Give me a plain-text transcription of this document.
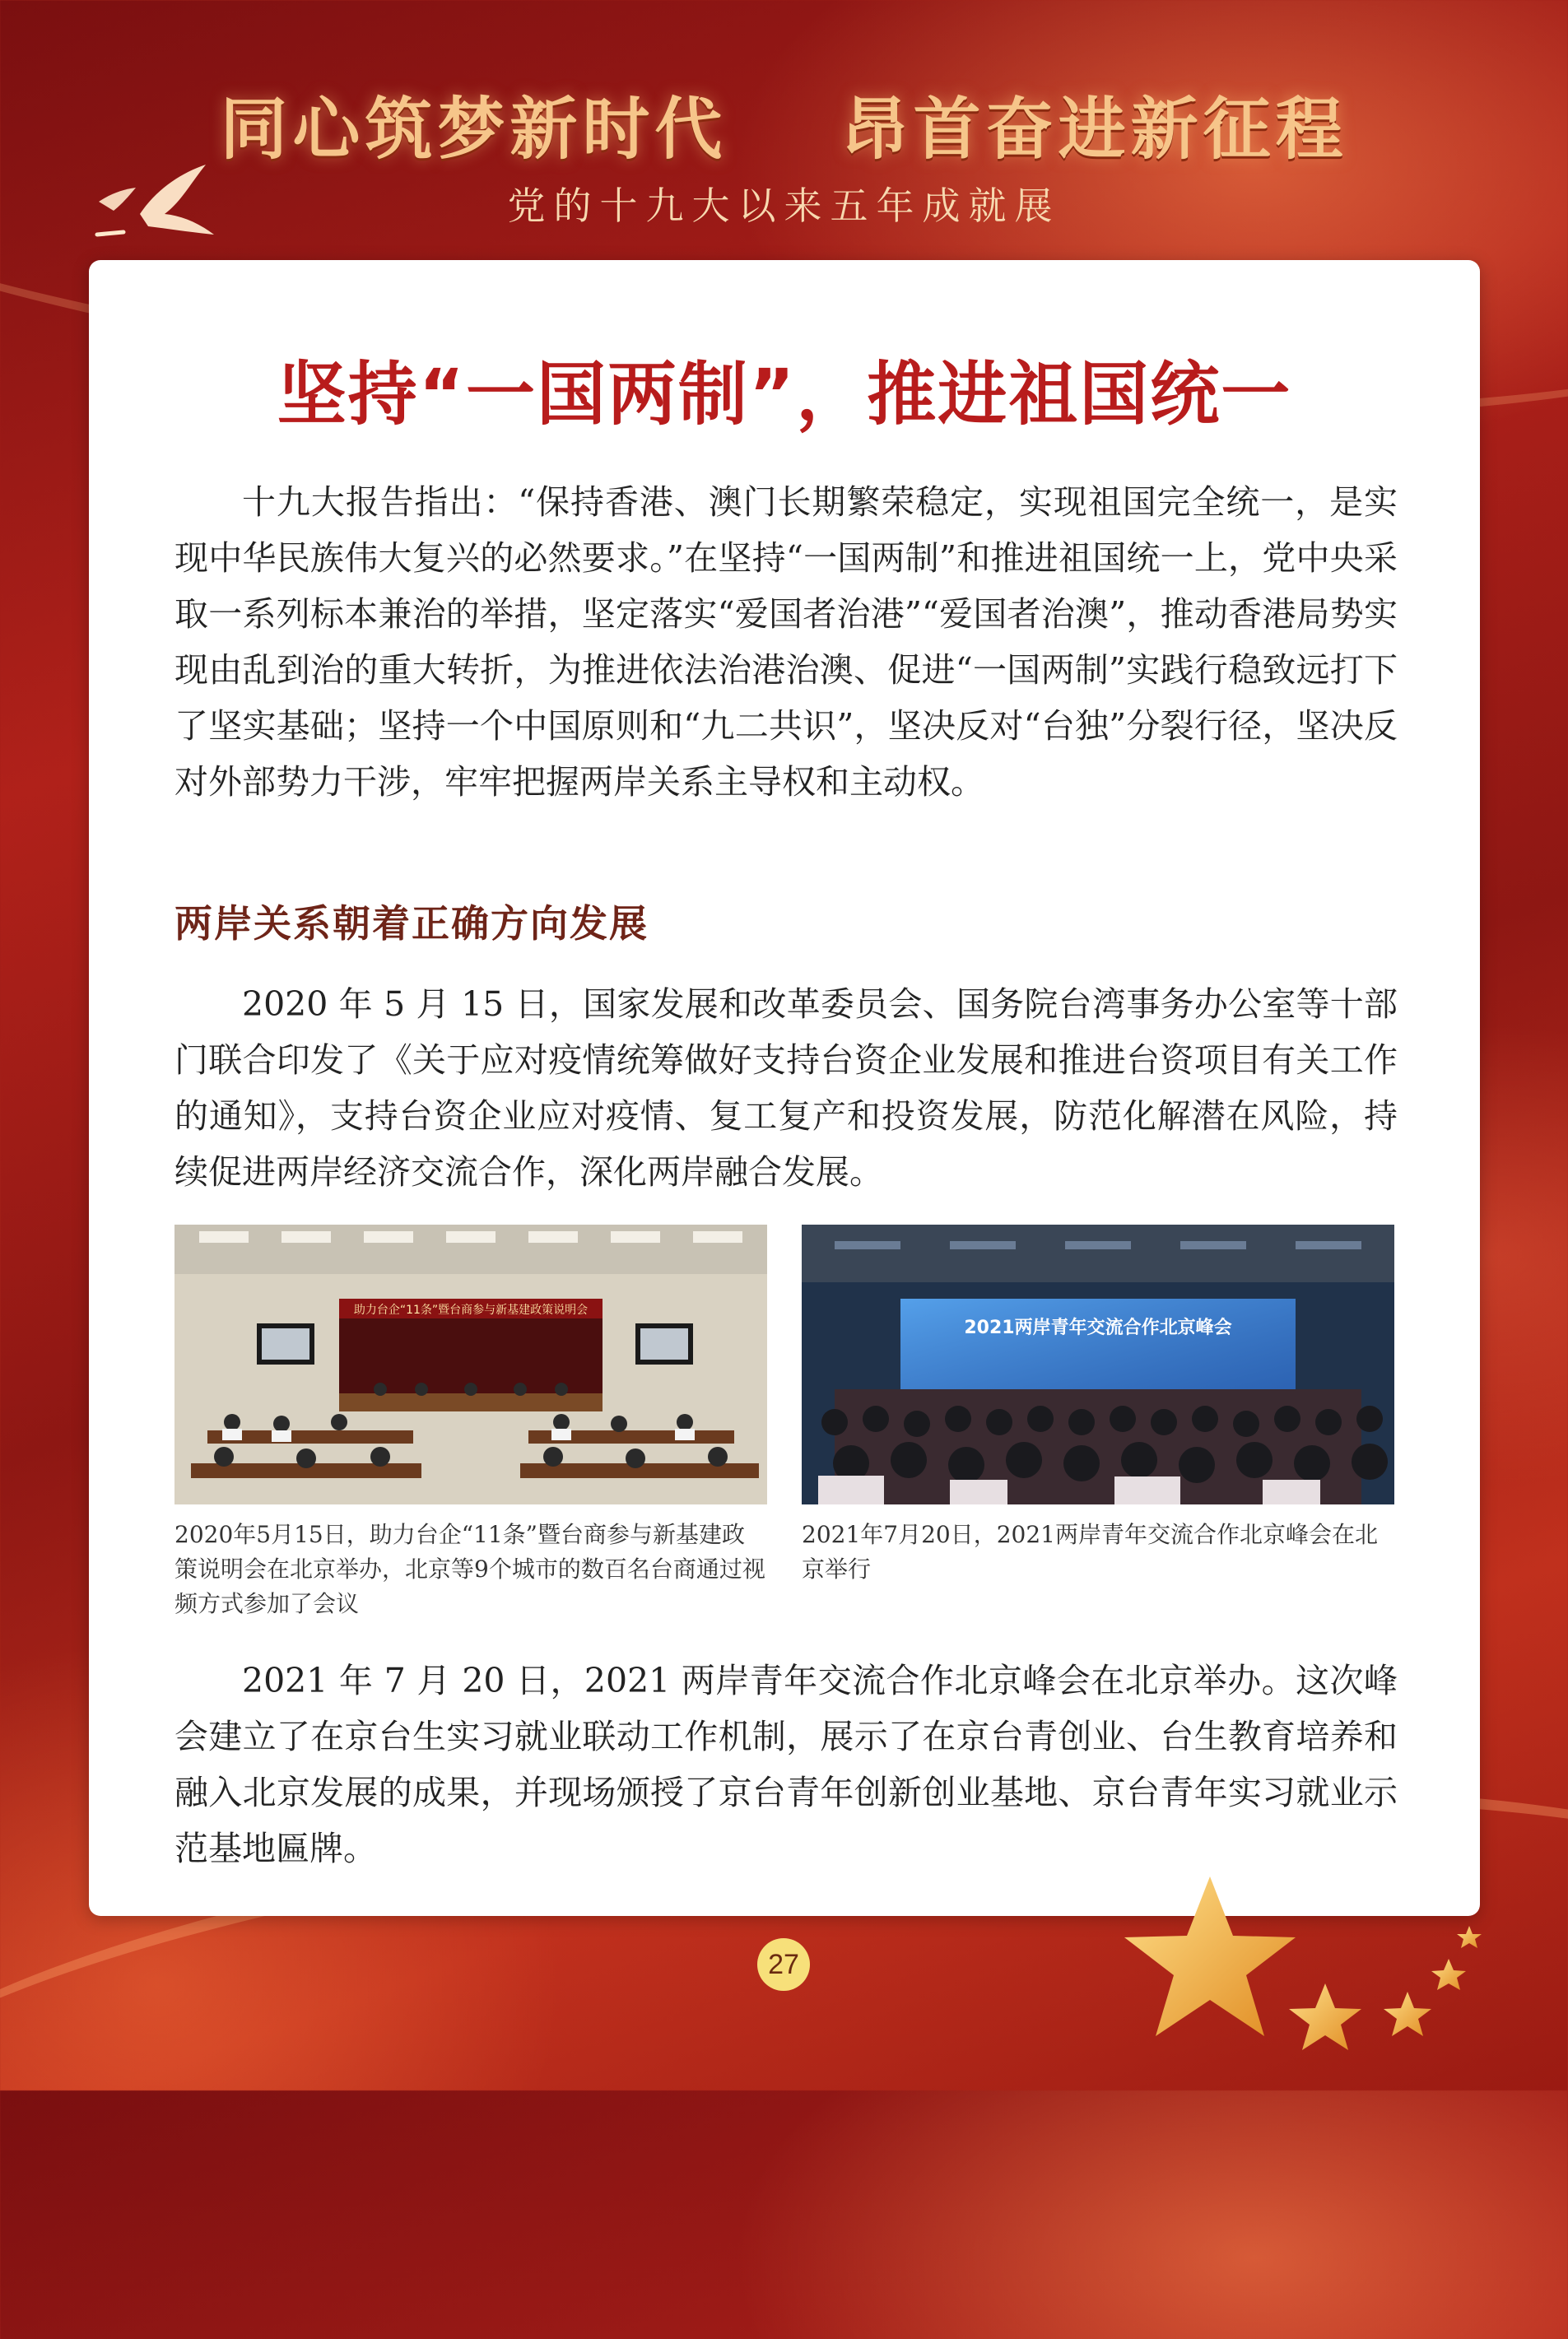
同心筑梦新时代    昂首奋进新征程
党的十九大以来五年成就展
坚持“一国两制”，推进祖国统一

十九大报告指出：“保持香港、澳门长期繁荣稳定，实现祖国完全统一，是实现中华民族伟大复兴的必然要求。”在坚持“一国两制”和推进祖国统一上，党中央采取一系列标本兼治的举措，坚定落实“爱国者治港”“爱国者治澳”，推动香港局势实现由乱到治的重大转折，为推进依法治港治澳、促进“一国两制”实践行稳致远打下了坚实基础；坚持一个中国原则和“九二共识”，坚决反对“台独”分裂行径，坚决反对外部势力干涉，牢牢把握两岸关系主导权和主动权。

两岸关系朝着正确方向发展

2020 年 5 月 15 日，国家发展和改革委员会、国务院台湾事务办公室等十部门联合印发了《关于应对疫情统筹做好支持台资企业发展和推进台资项目有关工作的通知》，支持台资企业应对疫情、复工复产和投资发展，防范化解潜在风险，持续促进两岸经济交流合作，深化两岸融合发展。

助力台企“11条”暨台商参与新基建政策说明会
2021两岸青年交流合作北京峰会

2020年5月15日，助力台企“11条”暨台商参与新基建政策说明会在北京举办，北京等9个城市的数百名台商通过视频方式参加了会议

2021年7月20日，2021两岸青年交流合作北京峰会在北京举行

2021 年 7 月 20 日，2021 两岸青年交流合作北京峰会在北京举办。这次峰会建立了在京台生实习就业联动工作机制，展示了在京台青创业、台生教育培养和融入北京发展的成果，并现场颁授了京台青年创新创业基地、京台青年实习就业示范基地匾牌。

27
